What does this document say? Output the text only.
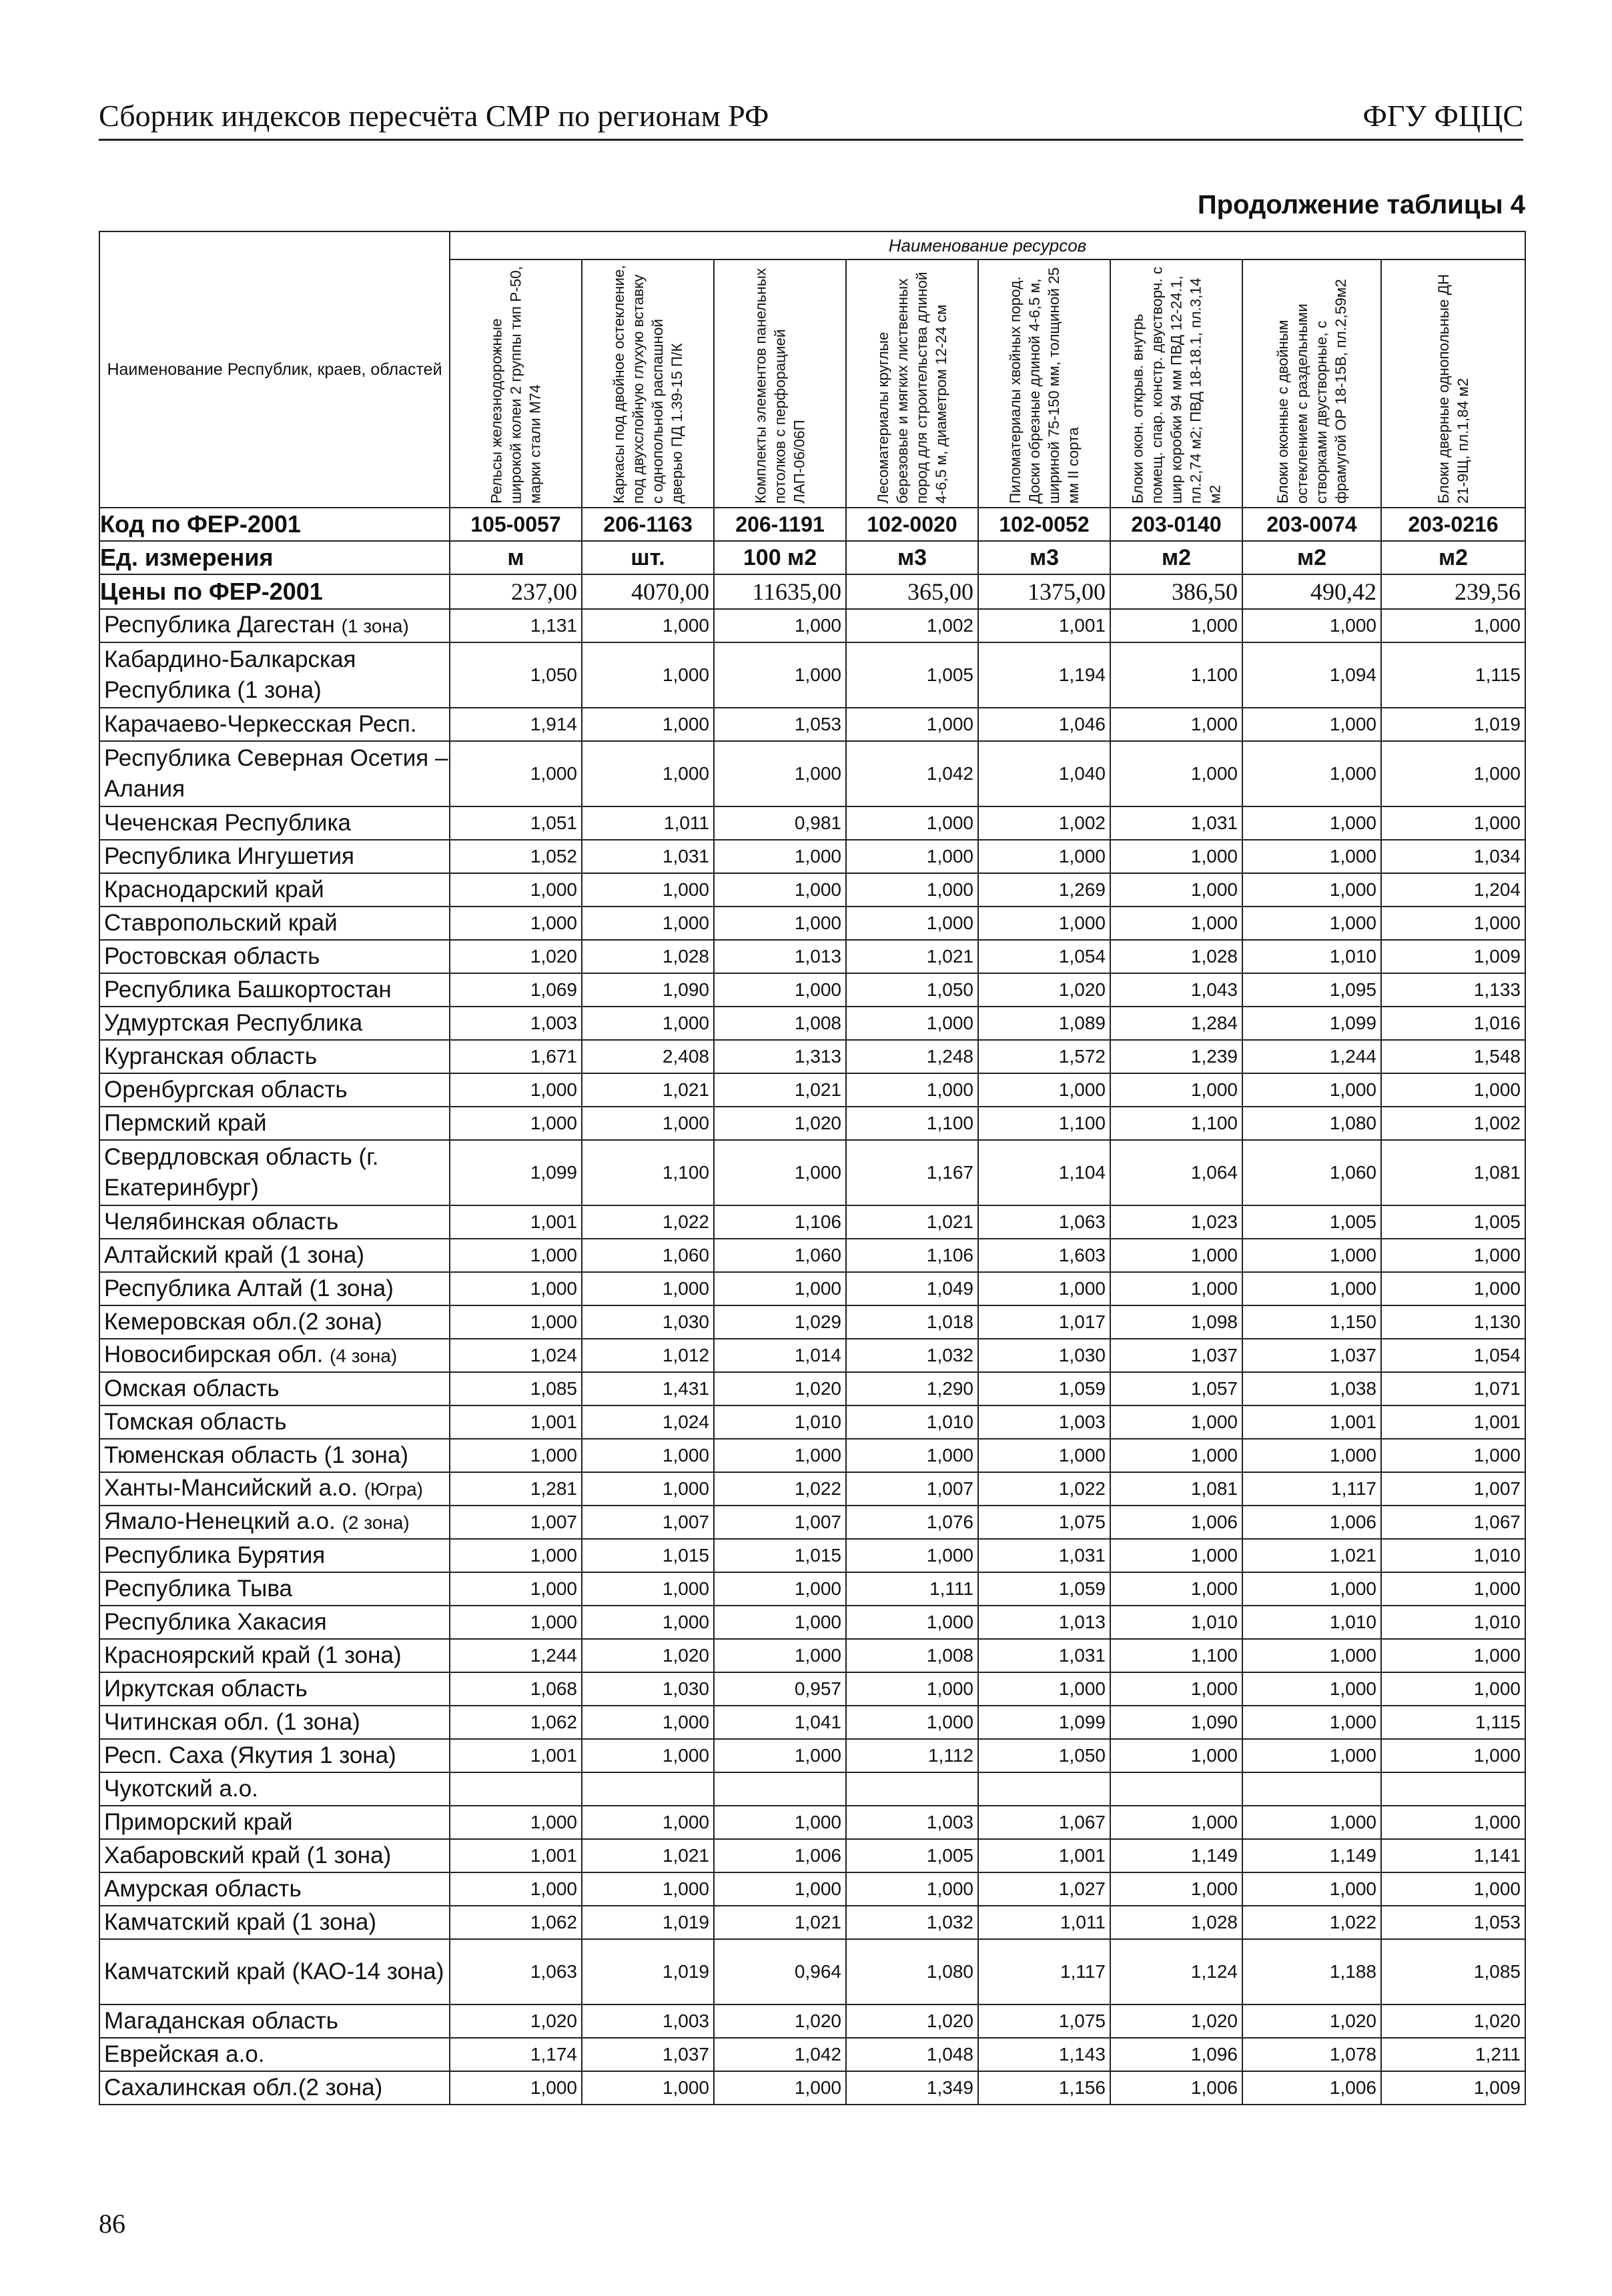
Сборник индексов пересчёта СМР по регионам РФ	ФГУ ФЦЦС
Продолжение таблицы 4
Наименование Республик, краев, областей	Наименование ресурсов							

	Рельсы железнодорожные широкой колеи 2 группы тип Р-50, марки стали М74	Каркасы под двойное остекление, под двухслойную глухую вставку с однопольной распашной дверью ПД 1.39-15 П/К	Комплекты элементов панельных потолков с перфорацией ЛАП-06/06П	Лесоматериалы круглые березовые и мягких лиственных пород для строительства длиной 4-6,5 м, диаметром 12-24 см	Пиломатериалы хвойных пород. Доски обрезные длиной 4-6,5 м, шириной 75-150 мм, толщиной 25 мм II сорта	Блоки окон. открыв. внутрь помещ. спар. констр. двустворч. с шир коробки 94 мм ПВД 12-24.1, пл.2,74 м2; ПВД 18-18.1, пл.3,14 м2	Блоки оконные с двойным остеклением с раздельными створками двустворные, с фрамугой ОР 18-15В, пл.2,59м2	Блоки дверные однопольные ДН 21-9Щ, пл.1,84 м2

Код по ФЕР-2001	105-0057	206-1163	206-1191	102-0020	102-0052	203-0140	203-0074	203-0216
Ед. измерения	м	шт.	100 м2	м3	м3	м2	м2	м2
Цены по ФЕР-2001	237,00	4070,00	11635,00	365,00	1375,00	386,50	490,42	239,56
Республика Дагестан (1 зона)	1,131	1,000	1,000	1,002	1,001	1,000	1,000	1,000
Кабардино-Балкарская Республика (1 зона)	1,050	1,000	1,000	1,005	1,194	1,100	1,094	1,115
Карачаево-Черкесская Респ.	1,914	1,000	1,053	1,000	1,046	1,000	1,000	1,019
Республика Северная Осетия – Алания	1,000	1,000	1,000	1,042	1,040	1,000	1,000	1,000
Чеченская Республика	1,051	1,011	0,981	1,000	1,002	1,031	1,000	1,000
Республика Ингушетия	1,052	1,031	1,000	1,000	1,000	1,000	1,000	1,034
Краснодарский край	1,000	1,000	1,000	1,000	1,269	1,000	1,000	1,204
Ставропольский край	1,000	1,000	1,000	1,000	1,000	1,000	1,000	1,000
Ростовская область	1,020	1,028	1,013	1,021	1,054	1,028	1,010	1,009
Республика Башкортостан	1,069	1,090	1,000	1,050	1,020	1,043	1,095	1,133
Удмуртская Республика	1,003	1,000	1,008	1,000	1,089	1,284	1,099	1,016
Курганская область	1,671	2,408	1,313	1,248	1,572	1,239	1,244	1,548
Оренбургская область	1,000	1,021	1,021	1,000	1,000	1,000	1,000	1,000
Пермский край	1,000	1,000	1,020	1,100	1,100	1,100	1,080	1,002
Свердловская область (г. Екатеринбург)	1,099	1,100	1,000	1,167	1,104	1,064	1,060	1,081
Челябинская область	1,001	1,022	1,106	1,021	1,063	1,023	1,005	1,005
Алтайский край (1 зона)	1,000	1,060	1,060	1,106	1,603	1,000	1,000	1,000
Республика Алтай (1 зона)	1,000	1,000	1,000	1,049	1,000	1,000	1,000	1,000
Кемеровская обл.(2 зона)	1,000	1,030	1,029	1,018	1,017	1,098	1,150	1,130
Новосибирская обл. (4 зона)	1,024	1,012	1,014	1,032	1,030	1,037	1,037	1,054
Омская область	1,085	1,431	1,020	1,290	1,059	1,057	1,038	1,071
Томская область	1,001	1,024	1,010	1,010	1,003	1,000	1,001	1,001
Тюменская область (1 зона)	1,000	1,000	1,000	1,000	1,000	1,000	1,000	1,000
Ханты-Мансийский а.о. (Югра)	1,281	1,000	1,022	1,007	1,022	1,081	1,117	1,007
Ямало-Ненецкий а.о. (2 зона)	1,007	1,007	1,007	1,076	1,075	1,006	1,006	1,067
Республика Бурятия	1,000	1,015	1,015	1,000	1,031	1,000	1,021	1,010
Республика Тыва	1,000	1,000	1,000	1,111	1,059	1,000	1,000	1,000
Республика Хакасия	1,000	1,000	1,000	1,000	1,013	1,010	1,010	1,010
Красноярский край (1 зона)	1,244	1,020	1,000	1,008	1,031	1,100	1,000	1,000
Иркутская область	1,068	1,030	0,957	1,000	1,000	1,000	1,000	1,000
Читинская обл. (1 зона)	1,062	1,000	1,041	1,000	1,099	1,090	1,000	1,115
Респ. Саха (Якутия 1 зона)	1,001	1,000	1,000	1,112	1,050	1,000	1,000	1,000
Чукотский а.о.								
Приморский край	1,000	1,000	1,000	1,003	1,067	1,000	1,000	1,000
Хабаровский край (1 зона)	1,001	1,021	1,006	1,005	1,001	1,149	1,149	1,141
Амурская область	1,000	1,000	1,000	1,000	1,027	1,000	1,000	1,000
Камчатский край (1 зона)	1,062	1,019	1,021	1,032	1,011	1,028	1,022	1,053
Камчатский край (КАО-14 зона)	1,063	1,019	0,964	1,080	1,117	1,124	1,188	1,085
Магаданская область	1,020	1,003	1,020	1,020	1,075	1,020	1,020	1,020
Еврейская а.о.	1,174	1,037	1,042	1,048	1,143	1,096	1,078	1,211
Сахалинская обл.(2 зона)	1,000	1,000	1,000	1,349	1,156	1,006	1,006	1,009
86
